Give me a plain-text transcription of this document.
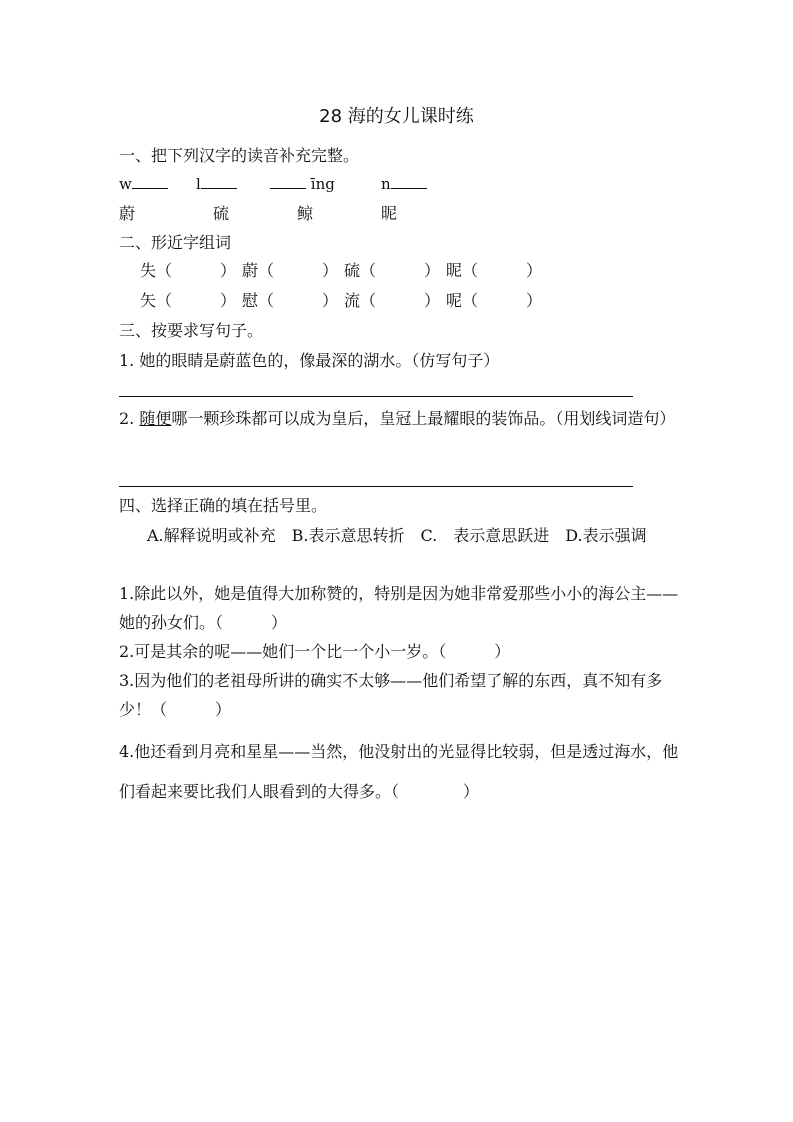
28 海的女儿课时练
一、把下列汉字的读音补充完整。
w	l	īng	n
蔚	硫	鲸	昵
二、形近字组词
失（　　　） 蔚（　　　） 硫（　　　） 昵（　　　）
矢（　　　） 慰（　　　） 流（　　　） 呢（　　　）
三、按要求写句子。
1. 她的眼睛是蔚蓝色的，像最深的湖水。（仿写句子）
2. 随便哪一颗珍珠都可以成为皇后，皇冠上最耀眼的装饰品。（用划线词造句）
四、选择正确的填在括号里。
A.解释说明或补充　B.表示意思转折　C.　表示意思跃进　D.表示强调
1.除此以外，她是值得大加称赞的，特别是因为她非常爱那些小小的海公主——她的孙女们。（　　　）
2.可是其余的呢——她们一个比一个小一岁。（　　　）
3.因为他们的老祖母所讲的确实不太够——他们希望了解的东西，真不知有多少！（　　　）
4.他还看到月亮和星星——当然，他没射出的光显得比较弱，但是透过海水，他们看起来要比我们人眼看到的大得多。（　　　　）
